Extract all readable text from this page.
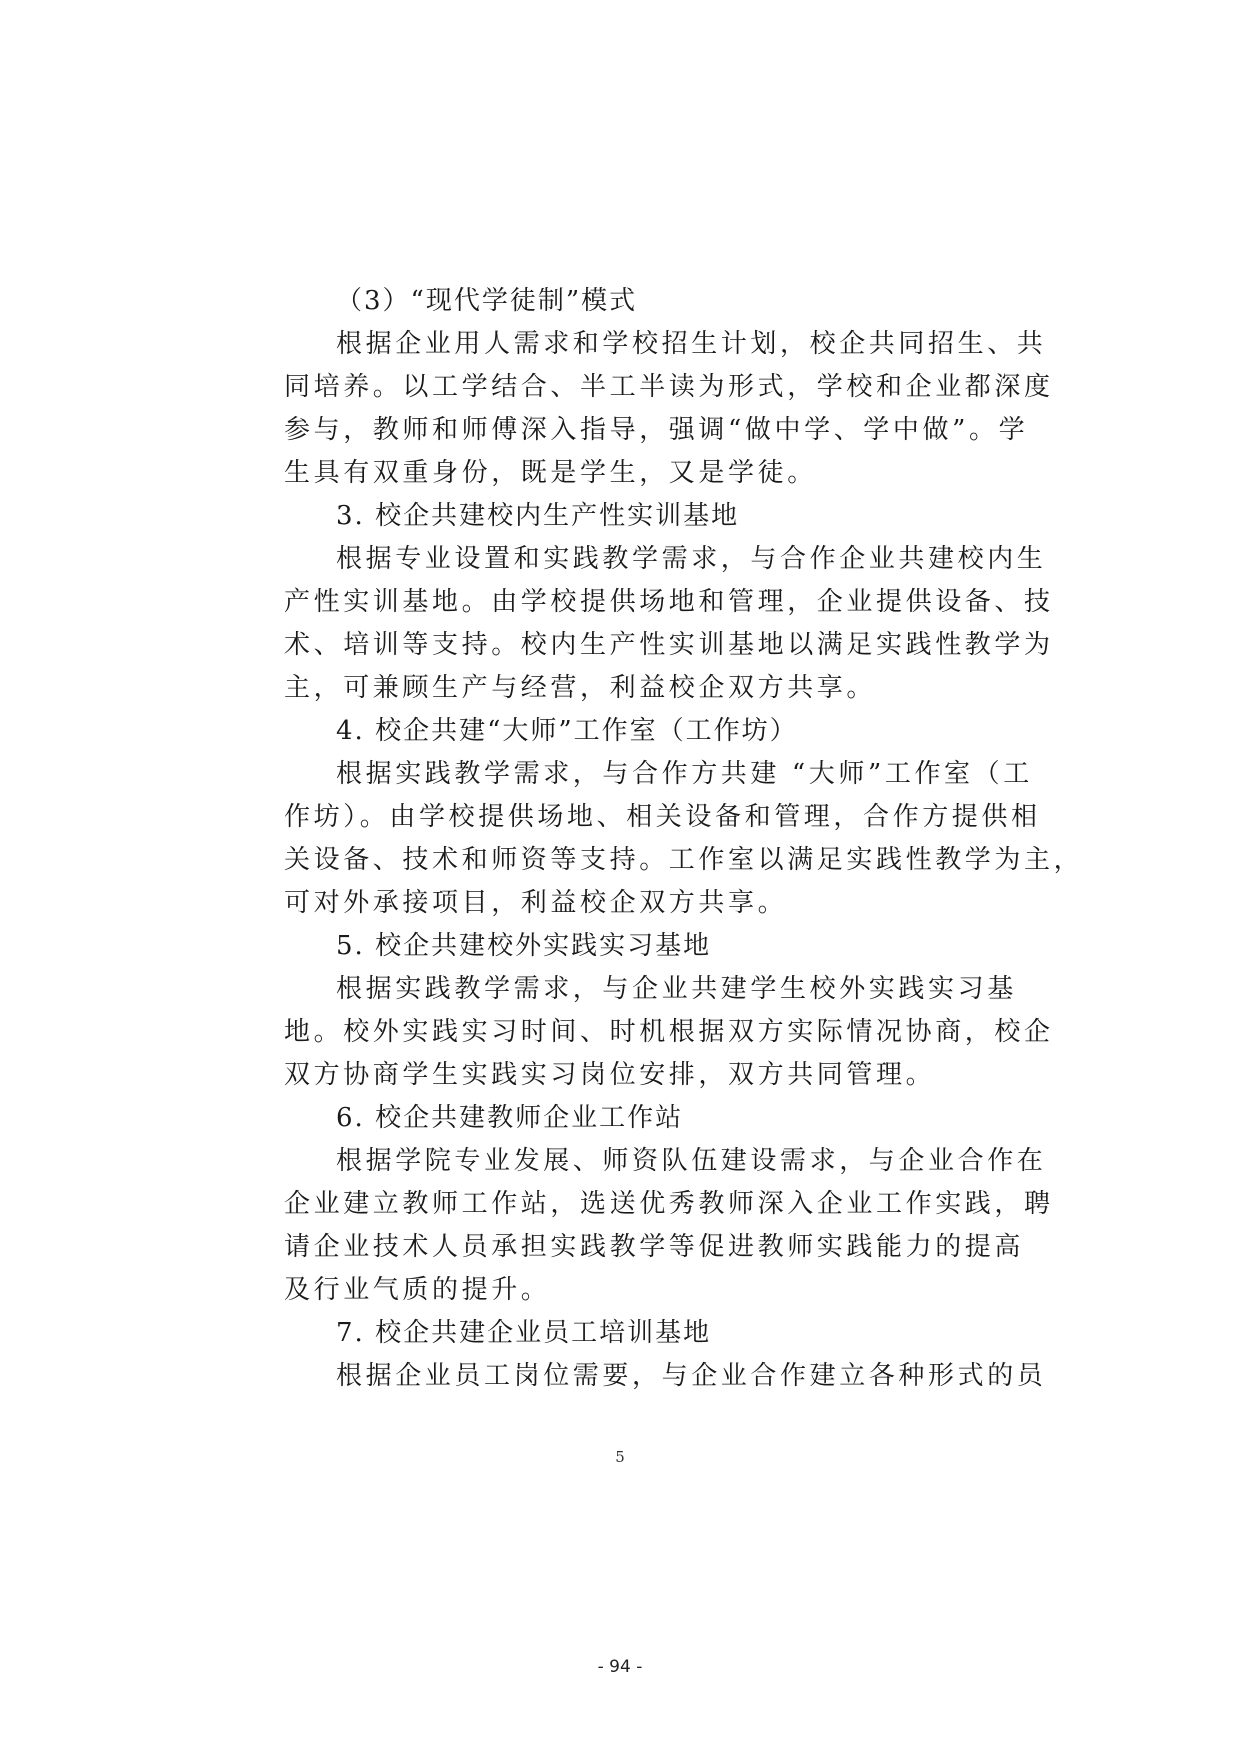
（3）“现代学徒制”模式
根据企业用人需求和学校招生计划，校企共同招生、共
同培养。以工学结合、半工半读为形式，学校和企业都深度
参与，教师和师傅深入指导，强调“做中学、学中做”。学
生具有双重身份，既是学生，又是学徒。
3. 校企共建校内生产性实训基地
根据专业设置和实践教学需求，与合作企业共建校内生
产性实训基地。由学校提供场地和管理，企业提供设备、技
术、培训等支持。校内生产性实训基地以满足实践性教学为
主，可兼顾生产与经营，利益校企双方共享。
4. 校企共建“大师”工作室（工作坊）
根据实践教学需求，与合作方共建 “大师”工作室（工
作坊）。由学校提供场地、相关设备和管理，合作方提供相
关设备、技术和师资等支持。工作室以满足实践性教学为主，
可对外承接项目，利益校企双方共享。
5. 校企共建校外实践实习基地
根据实践教学需求，与企业共建学生校外实践实习基
地。校外实践实习时间、时机根据双方实际情况协商，校企
双方协商学生实践实习岗位安排，双方共同管理。
6. 校企共建教师企业工作站
根据学院专业发展、师资队伍建设需求，与企业合作在
企业建立教师工作站，选送优秀教师深入企业工作实践，聘
请企业技术人员承担实践教学等促进教师实践能力的提高
及行业气质的提升。
7. 校企共建企业员工培训基地
根据企业员工岗位需要，与企业合作建立各种形式的员
5
- 94 -
